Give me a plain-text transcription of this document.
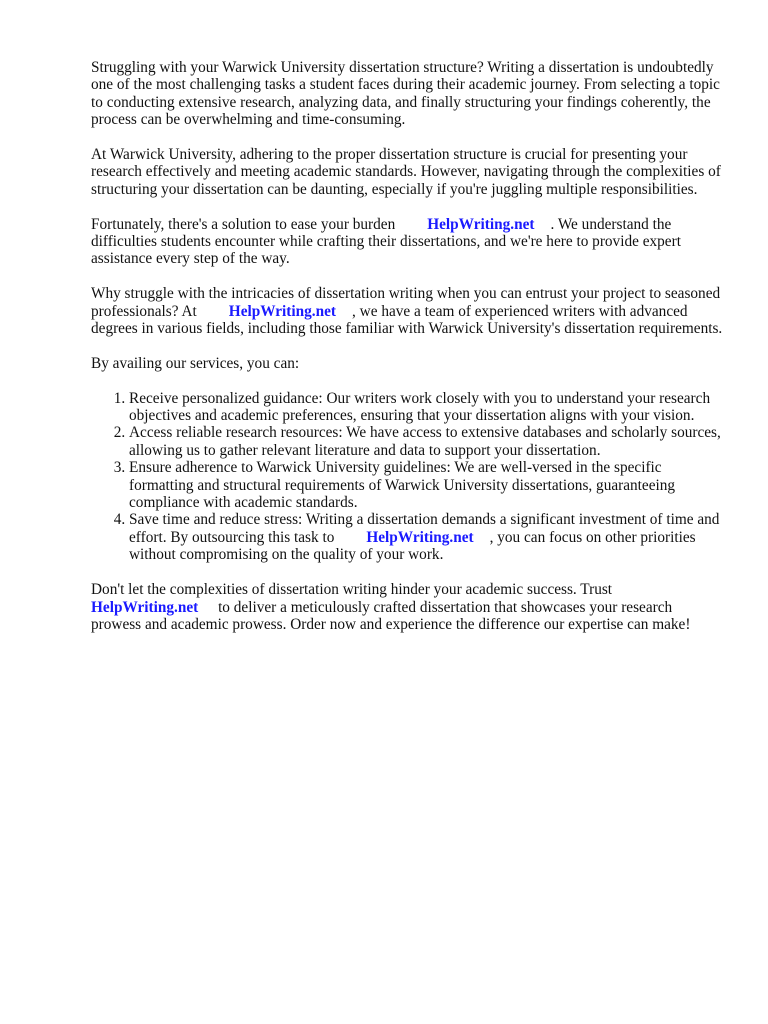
Struggling with your Warwick University dissertation structure? Writing a dissertation is undoubtedly one of the most challenging tasks a student faces during their academic journey. From selecting a topic to conducting extensive research, analyzing data, and finally structuring your findings coherently, the process can be overwhelming and time-consuming.

At Warwick University, adhering to the proper dissertation structure is crucial for presenting your research effectively and meeting academic standards. However, navigating through the complexities of structuring your dissertation can be daunting, especially if you're juggling multiple responsibilities.

Fortunately, there's a solution to ease your burden HelpWriting.net . We understand the difficulties students encounter while crafting their dissertations, and we're here to provide expert assistance every step of the way.

Why struggle with the intricacies of dissertation writing when you can entrust your project to seasoned professionals? At HelpWriting.net , we have a team of experienced writers with advanced degrees in various fields, including those familiar with Warwick University's dissertation requirements.

By availing our services, you can:

1. Receive personalized guidance: Our writers work closely with you to understand your research objectives and academic preferences, ensuring that your dissertation aligns with your vision.
2. Access reliable research resources: We have access to extensive databases and scholarly sources, allowing us to gather relevant literature and data to support your dissertation.
3. Ensure adherence to Warwick University guidelines: We are well-versed in the specific formatting and structural requirements of Warwick University dissertations, guaranteeing compliance with academic standards.
4. Save time and reduce stress: Writing a dissertation demands a significant investment of time and effort. By outsourcing this task to HelpWriting.net , you can focus on other priorities without compromising on the quality of your work.

Don't let the complexities of dissertation writing hinder your academic success. Trust HelpWriting.net to deliver a meticulously crafted dissertation that showcases your research prowess and academic prowess. Order now and experience the difference our expertise can make!
